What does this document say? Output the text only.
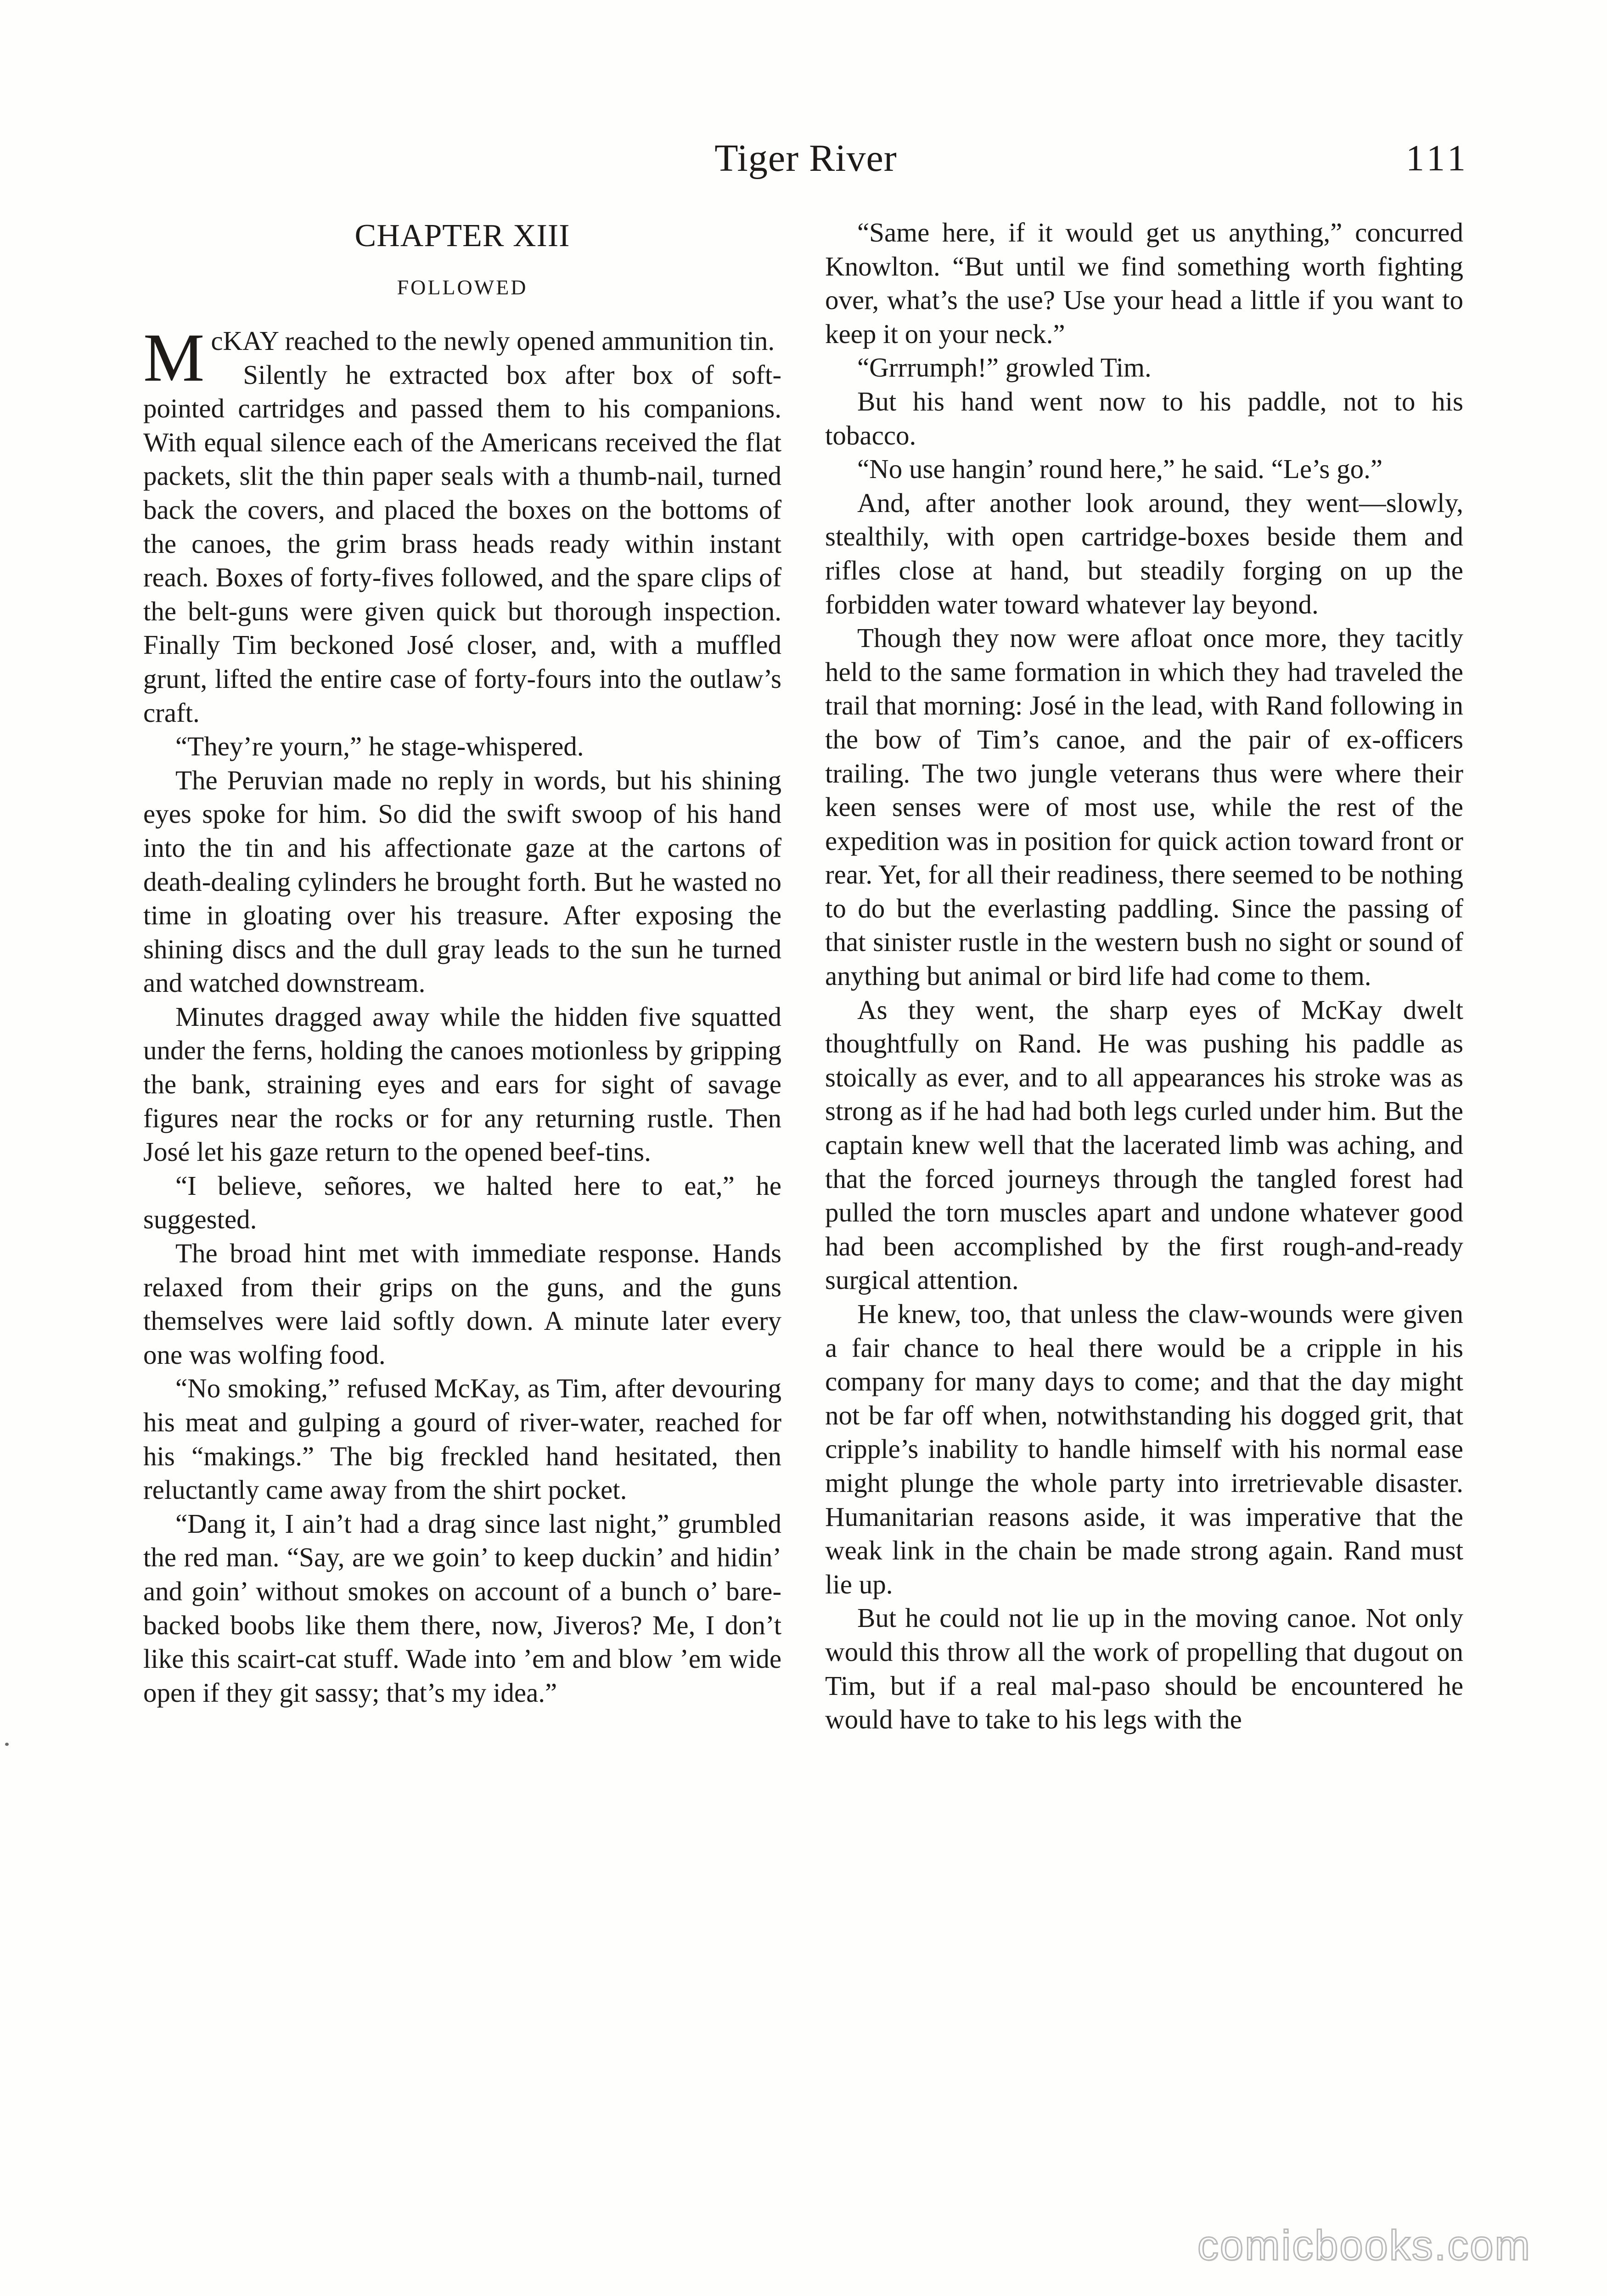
Tiger River	111
CHAPTER XIII
FOLLOWED

McKAY reached to the newly opened ammunition tin.

Silently he extracted box after box of soft-pointed cartridges and passed them to his companions. With equal silence each of the Americans received the flat packets, slit the thin paper seals with a thumb-nail, turned back the covers, and placed the boxes on the bottoms of the canoes, the grim brass heads ready within instant reach. Boxes of forty-fives followed, and the spare clips of the belt-guns were given quick but thorough inspection. Finally Tim beckoned José closer, and, with a muffled grunt, lifted the entire case of forty-fours into the outlaw’s craft.

“They’re yourn,” he stage-whispered.

The Peruvian made no reply in words, but his shining eyes spoke for him. So did the swift swoop of his hand into the tin and his affectionate gaze at the cartons of death-dealing cylinders he brought forth. But he wasted no time in gloating over his treasure. After exposing the shining discs and the dull gray leads to the sun he turned and watched downstream.

Minutes dragged away while the hidden five squatted under the ferns, holding the canoes motionless by gripping the bank, straining eyes and ears for sight of savage figures near the rocks or for any returning rustle. Then José let his gaze return to the opened beef-tins.

“I believe, señores, we halted here to eat,” he suggested.

The broad hint met with immediate response. Hands relaxed from their grips on the guns, and the guns themselves were laid softly down. A minute later every one was wolfing food.

“No smoking,” refused McKay, as Tim, after devouring his meat and gulping a gourd of river-water, reached for his “makings.” The big freckled hand hesitated, then reluctantly came away from the shirt pocket.

“Dang it, I ain’t had a drag since last night,” grumbled the red man. “Say, are we goin’ to keep duckin’ and hidin’ and goin’ without smokes on account of a bunch o’ bare-backed boobs like them there, now, Jiveros? Me, I don’t like this scairt-cat stuff. Wade into ’em and blow ’em wide open if they git sassy; that’s my idea.”

“Same here, if it would get us anything,” concurred Knowlton. “But until we find something worth fighting over, what’s the use? Use your head a little if you want to keep it on your neck.”

“Grrrumph!” growled Tim.

But his hand went now to his paddle, not to his tobacco.

“No use hangin’ round here,” he said. “Le’s go.”

And, after another look around, they went—slowly, stealthily, with open cartridge-boxes beside them and rifles close at hand, but steadily forging on up the forbidden water toward whatever lay beyond.

Though they now were afloat once more, they tacitly held to the same formation in which they had traveled the trail that morning: José in the lead, with Rand following in the bow of Tim’s canoe, and the pair of ex-officers trailing. The two jungle veterans thus were where their keen senses were of most use, while the rest of the expedition was in position for quick action toward front or rear. Yet, for all their readiness, there seemed to be nothing to do but the everlasting paddling. Since the passing of that sinister rustle in the western bush no sight or sound of anything but animal or bird life had come to them.

As they went, the sharp eyes of McKay dwelt thoughtfully on Rand. He was pushing his paddle as stoically as ever, and to all appearances his stroke was as strong as if he had had both legs curled under him. But the captain knew well that the lacerated limb was aching, and that the forced journeys through the tangled forest had pulled the torn muscles apart and undone whatever good had been accomplished by the first rough-and-ready surgical attention.

He knew, too, that unless the claw-wounds were given a fair chance to heal there would be a cripple in his company for many days to come; and that the day might not be far off when, notwithstanding his dogged grit, that cripple’s inability to handle himself with his normal ease might plunge the whole party into irretrievable disaster. Humanitarian reasons aside, it was imperative that the weak link in the chain be made strong again. Rand must lie up.

But he could not lie up in the moving canoe. Not only would this throw all the work of propelling that dugout on Tim, but if a real mal-paso should be encountered he would have to take to his legs with the

comicbooks.com
